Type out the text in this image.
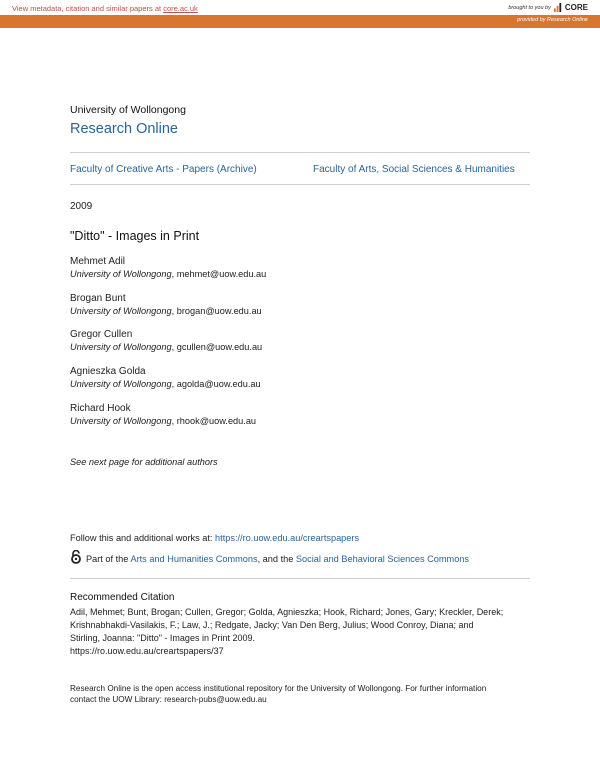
View metadata, citation and similar papers at core.ac.uk	brought to you by CORE
provided by Research Online
University of Wollongong
Research Online
Faculty of Creative Arts - Papers (Archive)	Faculty of Arts, Social Sciences & Humanities
2009
"Ditto" - Images in Print
Mehmet Adil
University of Wollongong, mehmet@uow.edu.au
Brogan Bunt
University of Wollongong, brogan@uow.edu.au
Gregor Cullen
University of Wollongong, gcullen@uow.edu.au
Agnieszka Golda
University of Wollongong, agolda@uow.edu.au
Richard Hook
University of Wollongong, rhook@uow.edu.au
See next page for additional authors
Follow this and additional works at: https://ro.uow.edu.au/creartspapers
Part of the Arts and Humanities Commons, and the Social and Behavioral Sciences Commons
Recommended Citation
Adil, Mehmet; Bunt, Brogan; Cullen, Gregor; Golda, Agnieszka; Hook, Richard; Jones, Gary; Kreckler, Derek;
Krishnabhakdi-Vasilakis, F.; Law, J.; Redgate, Jacky; Van Den Berg, Julius; Wood Conroy, Diana; and
Stirling, Joanna: "Ditto" - Images in Print 2009.
https://ro.uow.edu.au/creartspapers/37
Research Online is the open access institutional repository for the University of Wollongong. For further information
contact the UOW Library: research-pubs@uow.edu.au
